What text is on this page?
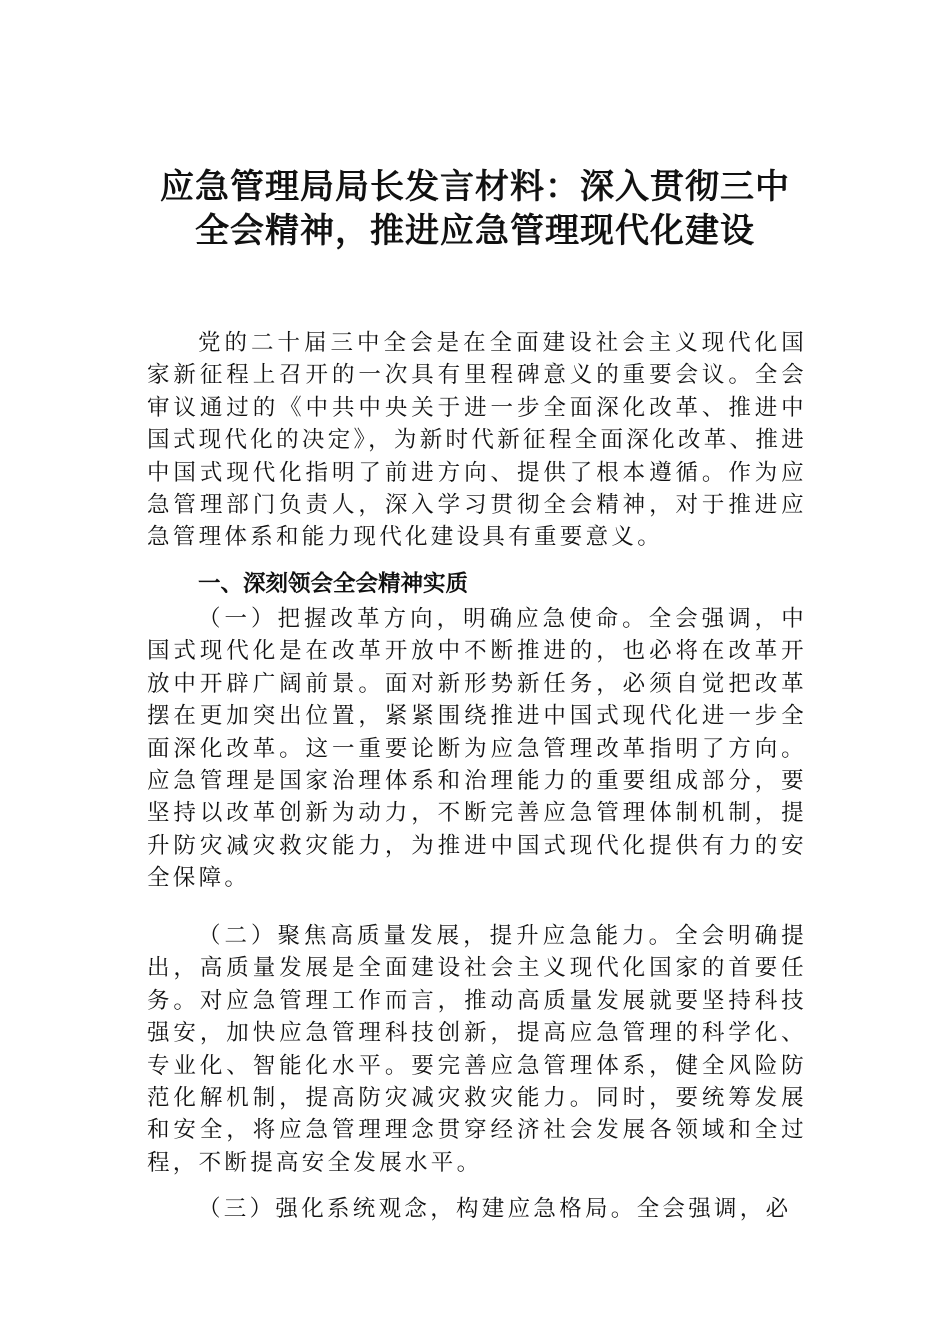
应急管理局局长发言材料：深入贯彻三中
全会精神，推进应急管理现代化建设

党的二十届三中全会是在全面建设社会主义现代化国家新征程上召开的一次具有里程碑意义的重要会议。全会审议通过的《中共中央关于进一步全面深化改革、推进中国式现代化的决定》，为新时代新征程全面深化改革、推进中国式现代化指明了前进方向、提供了根本遵循。作为应急管理部门负责人，深入学习贯彻全会精神，对于推进应急管理体系和能力现代化建设具有重要意义。

一、深刻领会全会精神实质

（一）把握改革方向，明确应急使命。全会强调，中国式现代化是在改革开放中不断推进的，也必将在改革开放中开辟广阔前景。面对新形势新任务，必须自觉把改革摆在更加突出位置，紧紧围绕推进中国式现代化进一步全面深化改革。这一重要论断为应急管理改革指明了方向。应急管理是国家治理体系和治理能力的重要组成部分，要坚持以改革创新为动力，不断完善应急管理体制机制，提升防灾减灾救灾能力，为推进中国式现代化提供有力的安全保障。

（二）聚焦高质量发展，提升应急能力。全会明确提出，高质量发展是全面建设社会主义现代化国家的首要任务。对应急管理工作而言，推动高质量发展就要坚持科技强安，加快应急管理科技创新，提高应急管理的科学化、专业化、智能化水平。要完善应急管理体系，健全风险防范化解机制，提高防灾减灾救灾能力。同时，要统筹发展和安全，将应急管理理念贯穿经济社会发展各领域和全过程，不断提高安全发展水平。

（三）强化系统观念，构建应急格局。全会强调，必
